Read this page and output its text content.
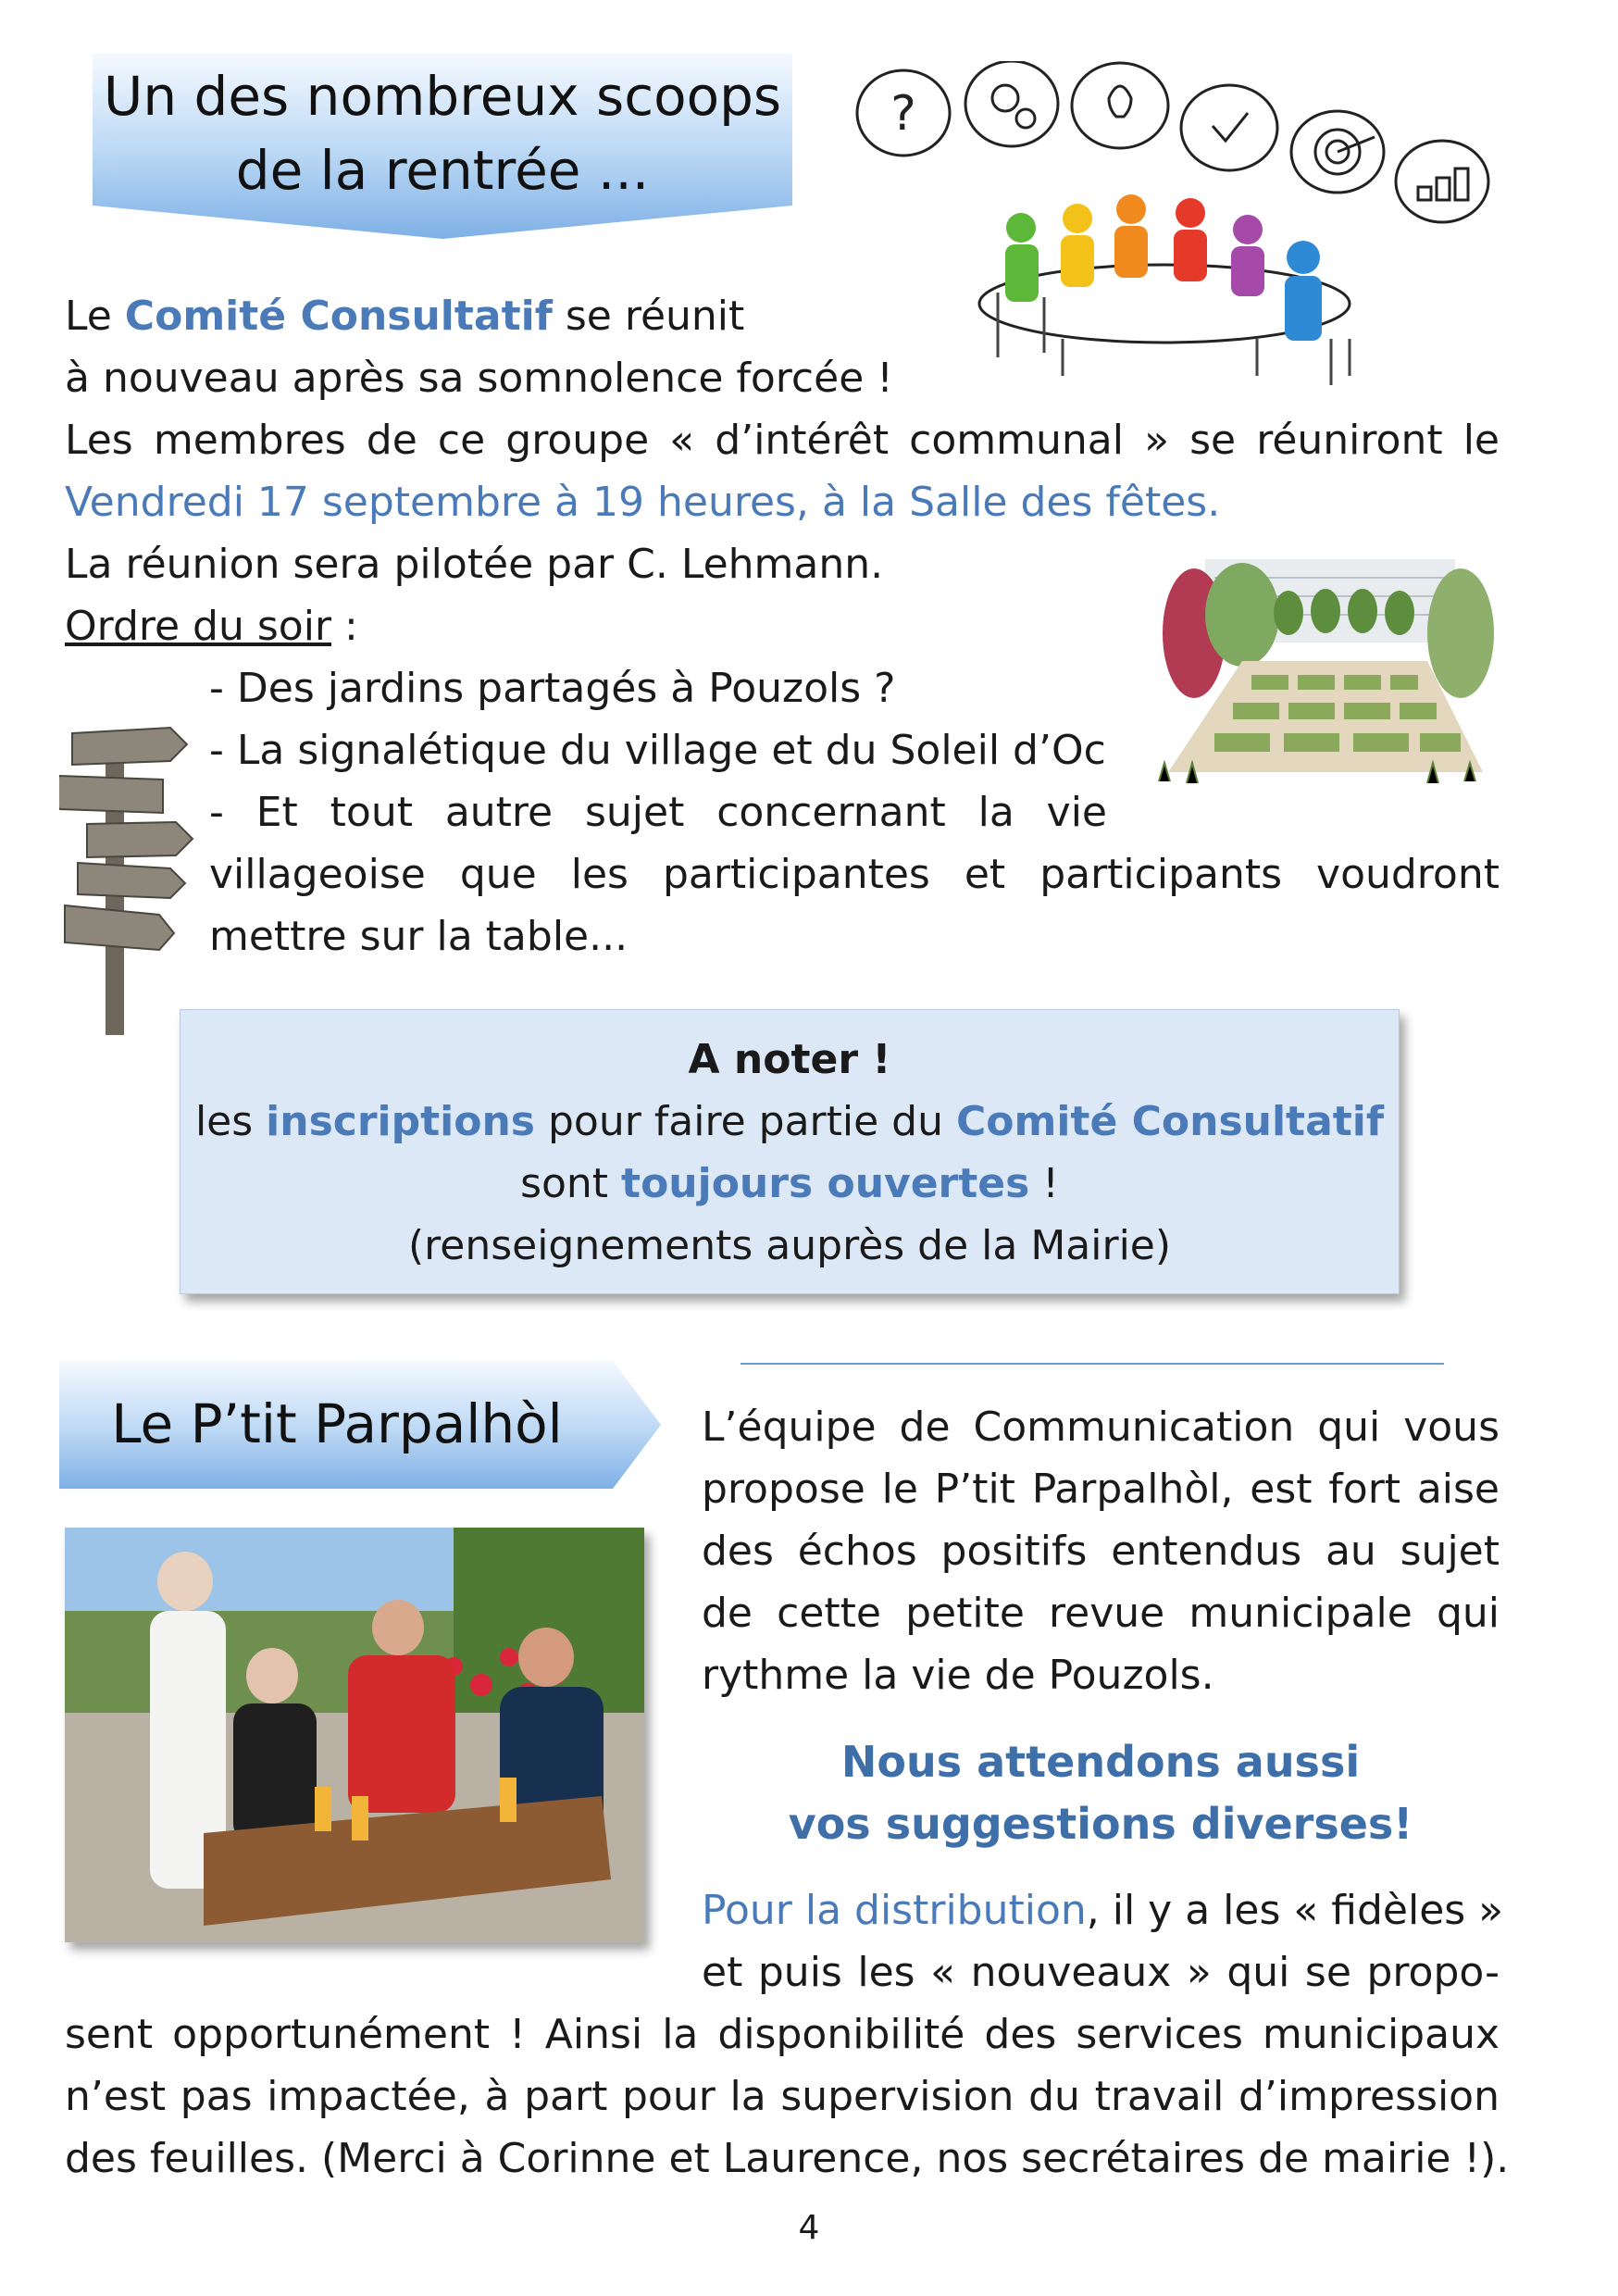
Un des nombreux scoops
de la rentrée ...
?
Le Comité Consultatif se réunit
à nouveau après sa somnolence forcée !
Les membres de ce groupe « d’intérêt communal » se réuniront le
Vendredi 17 septembre à 19 heures, à la Salle des fêtes.
La réunion sera pilotée par C. Lehmann.
Ordre du soir :
- Des jardins partagés à Pouzols ?
- La signalétique du village et du Soleil d’Oc
- Et tout autre sujet concernant la vie
villageoise que les participantes et participants voudront
mettre sur la table...
A noter !
les inscriptions pour faire partie du Comité Consultatif
sont toujours ouvertes !
(renseignements auprès de la Mairie)
Le P’tit Parpalhòl	L’équipe de Communication qui vous
propose le P’tit Parpalhòl, est fort aise
des échos positifs entendus au sujet
de cette petite revue municipale qui
rythme la vie de Pouzols.
Nous attendons aussi
vos suggestions diverses!
Pour la distribution, il y a les « fidèles »
et puis les « nouveaux » qui se propo-
sent opportunément ! Ainsi la disponibilité des services municipaux
n’est pas impactée, à part pour la supervision du travail d’impression
des feuilles. (Merci à Corinne et Laurence, nos secrétaires de mairie !).
4
